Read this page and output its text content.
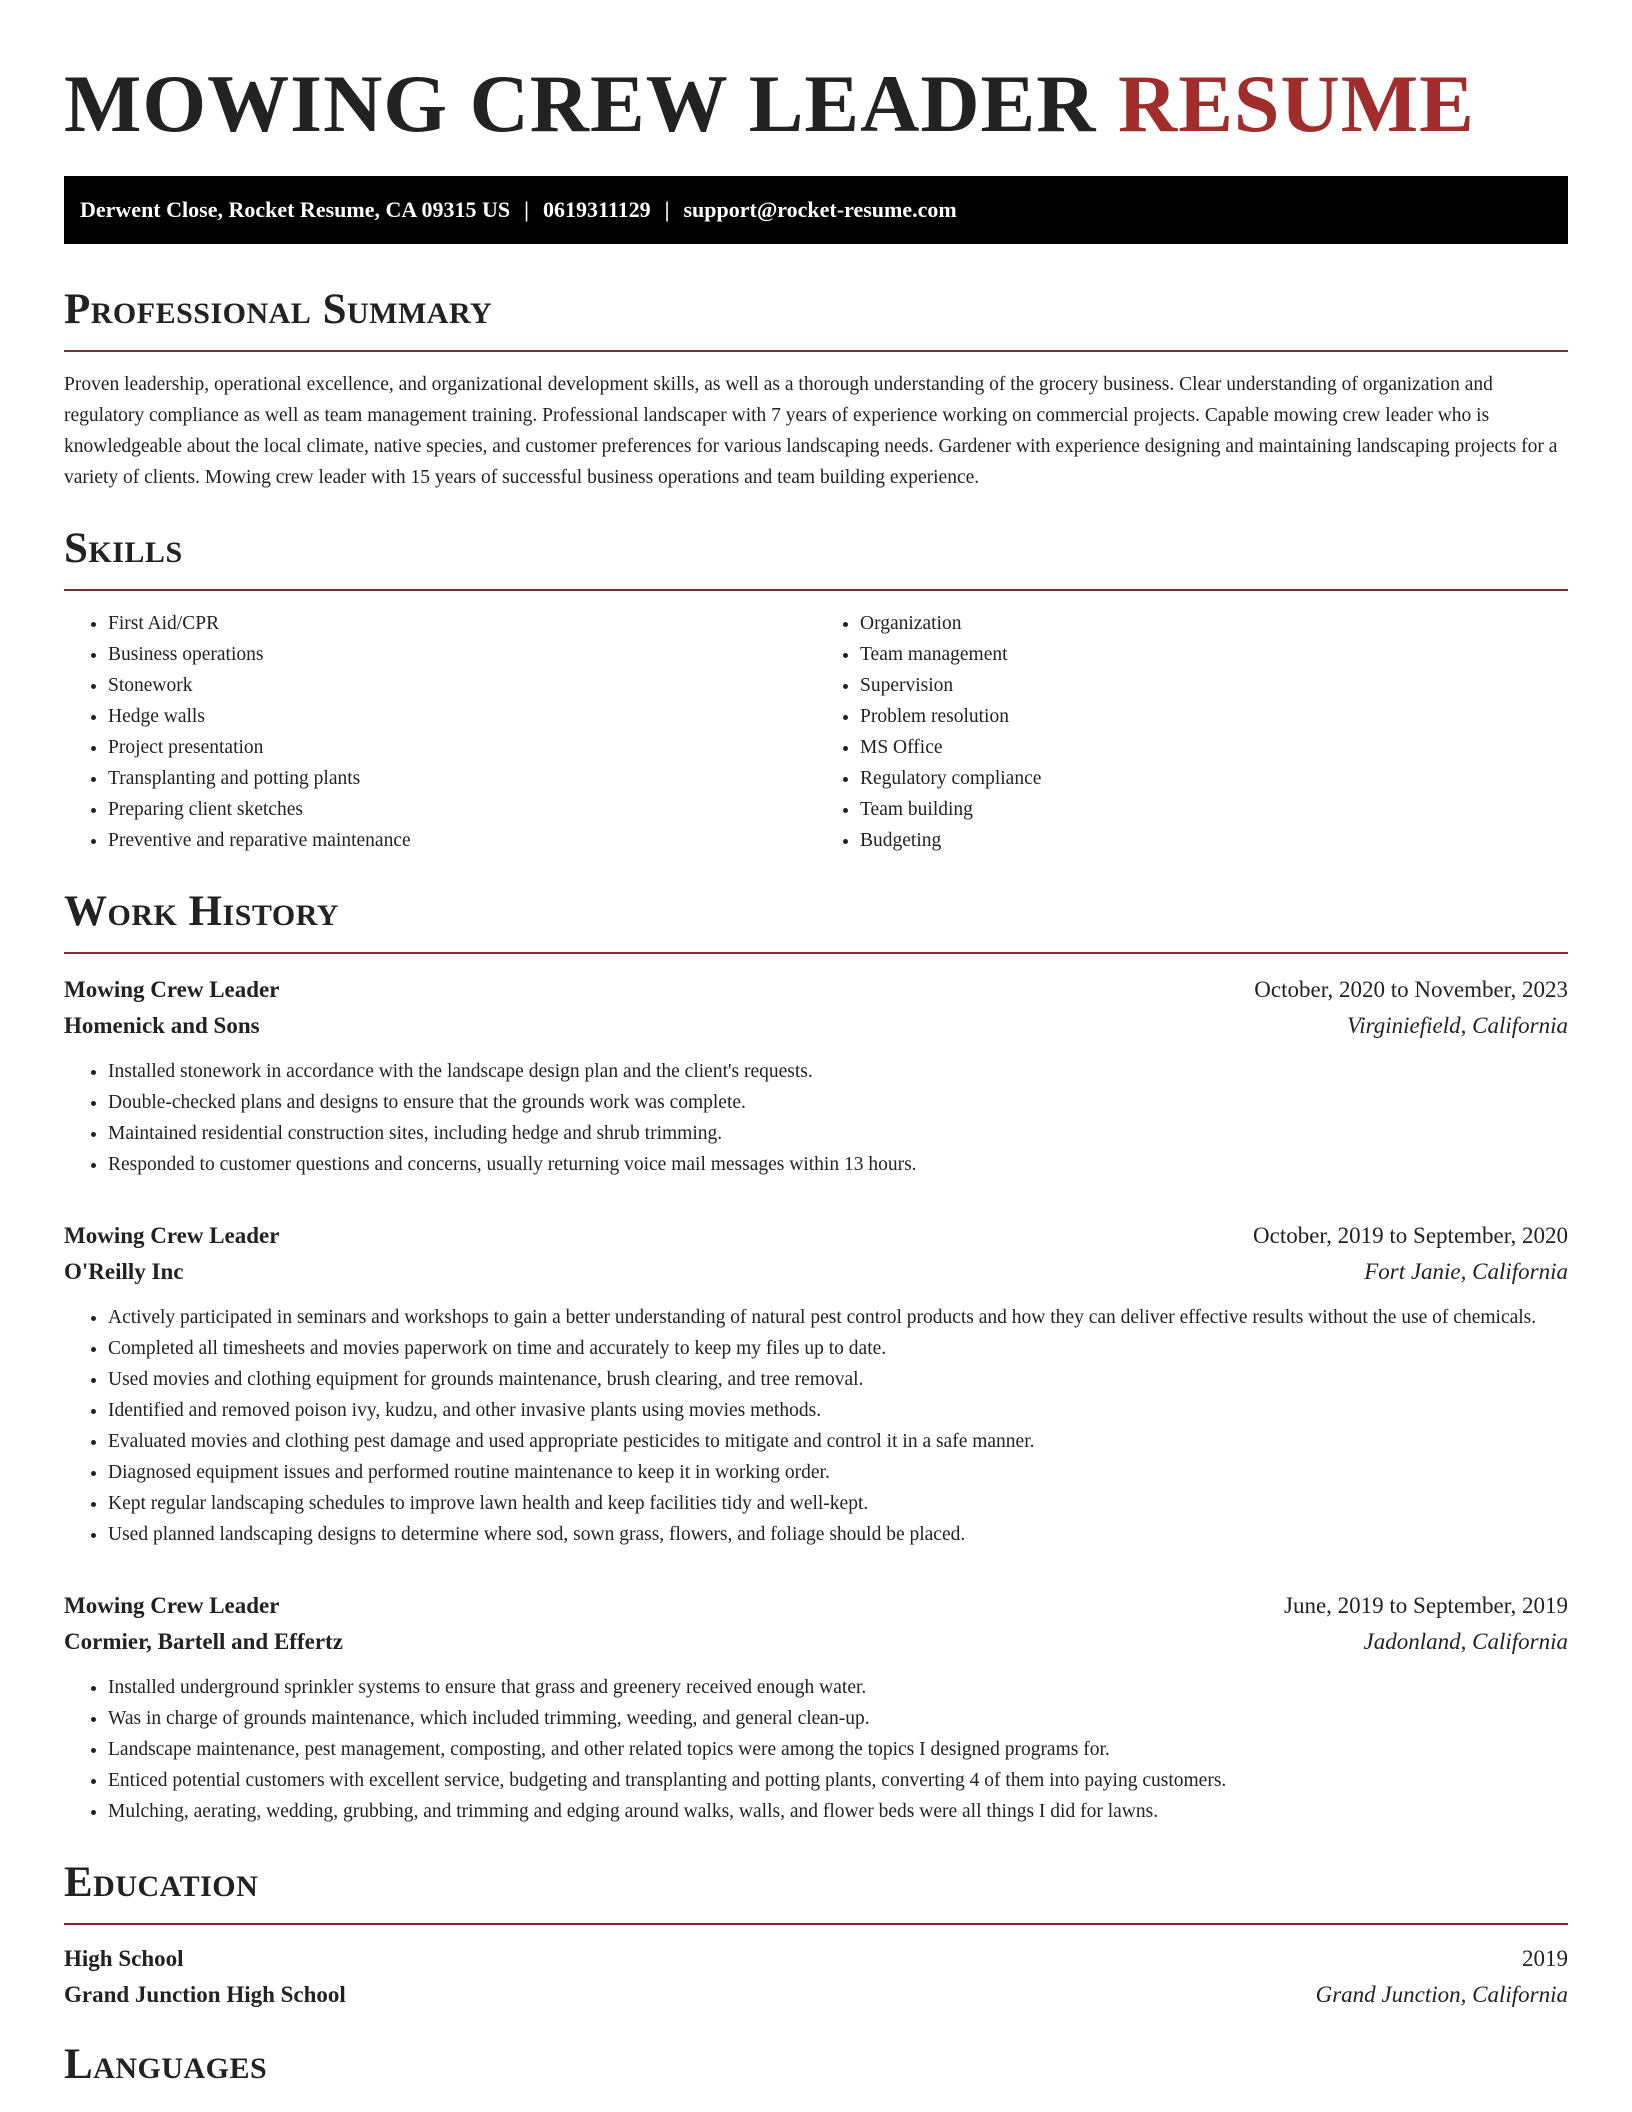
MOWING CREW LEADER RESUME
Derwent Close, Rocket Resume, CA 09315 US | 0619311129 | support@rocket-resume.com
Professional Summary

Proven leadership, operational excellence, and organizational development skills, as well as a thorough understanding of the grocery business. Clear understanding of organization and regulatory compliance as well as team management training. Professional landscaper with 7 years of experience working on commercial projects. Capable mowing crew leader who is knowledgeable about the local climate, native species, and customer preferences for various landscaping needs. Gardener with experience designing and maintaining landscaping projects for a variety of clients. Mowing crew leader with 15 years of successful business operations and team building experience.

Skills
• First Aid/CPR
• Business operations
• Stonework
• Hedge walls
• Project presentation
• Transplanting and potting plants
• Preparing client sketches
• Preventive and reparative maintenance
• Organization
• Team management
• Supervision
• Problem resolution
• MS Office
• Regulatory compliance
• Team building
• Budgeting
Work History
Mowing Crew Leader	October, 2020 to November, 2023
Homenick and Sons	Virginiefield, California
• Installed stonework in accordance with the landscape design plan and the client's requests.
• Double-checked plans and designs to ensure that the grounds work was complete.
• Maintained residential construction sites, including hedge and shrub trimming.
• Responded to customer questions and concerns, usually returning voice mail messages within 13 hours.
Mowing Crew Leader	October, 2019 to September, 2020
O'Reilly Inc	Fort Janie, California
• Actively participated in seminars and workshops to gain a better understanding of natural pest control products and how they can deliver effective results without the use of chemicals.
• Completed all timesheets and movies paperwork on time and accurately to keep my files up to date.
• Used movies and clothing equipment for grounds maintenance, brush clearing, and tree removal.
• Identified and removed poison ivy, kudzu, and other invasive plants using movies methods.
• Evaluated movies and clothing pest damage and used appropriate pesticides to mitigate and control it in a safe manner.
• Diagnosed equipment issues and performed routine maintenance to keep it in working order.
• Kept regular landscaping schedules to improve lawn health and keep facilities tidy and well-kept.
• Used planned landscaping designs to determine where sod, sown grass, flowers, and foliage should be placed.
Mowing Crew Leader	June, 2019 to September, 2019
Cormier, Bartell and Effertz	Jadonland, California
• Installed underground sprinkler systems to ensure that grass and greenery received enough water.
• Was in charge of grounds maintenance, which included trimming, weeding, and general clean-up.
• Landscape maintenance, pest management, composting, and other related topics were among the topics I designed programs for.
• Enticed potential customers with excellent service, budgeting and transplanting and potting plants, converting 4 of them into paying customers.
• Mulching, aerating, wedding, grubbing, and trimming and edging around walks, walls, and flower beds were all things I did for lawns.
Education
High School	2019
Grand Junction High School	Grand Junction, California
Languages
